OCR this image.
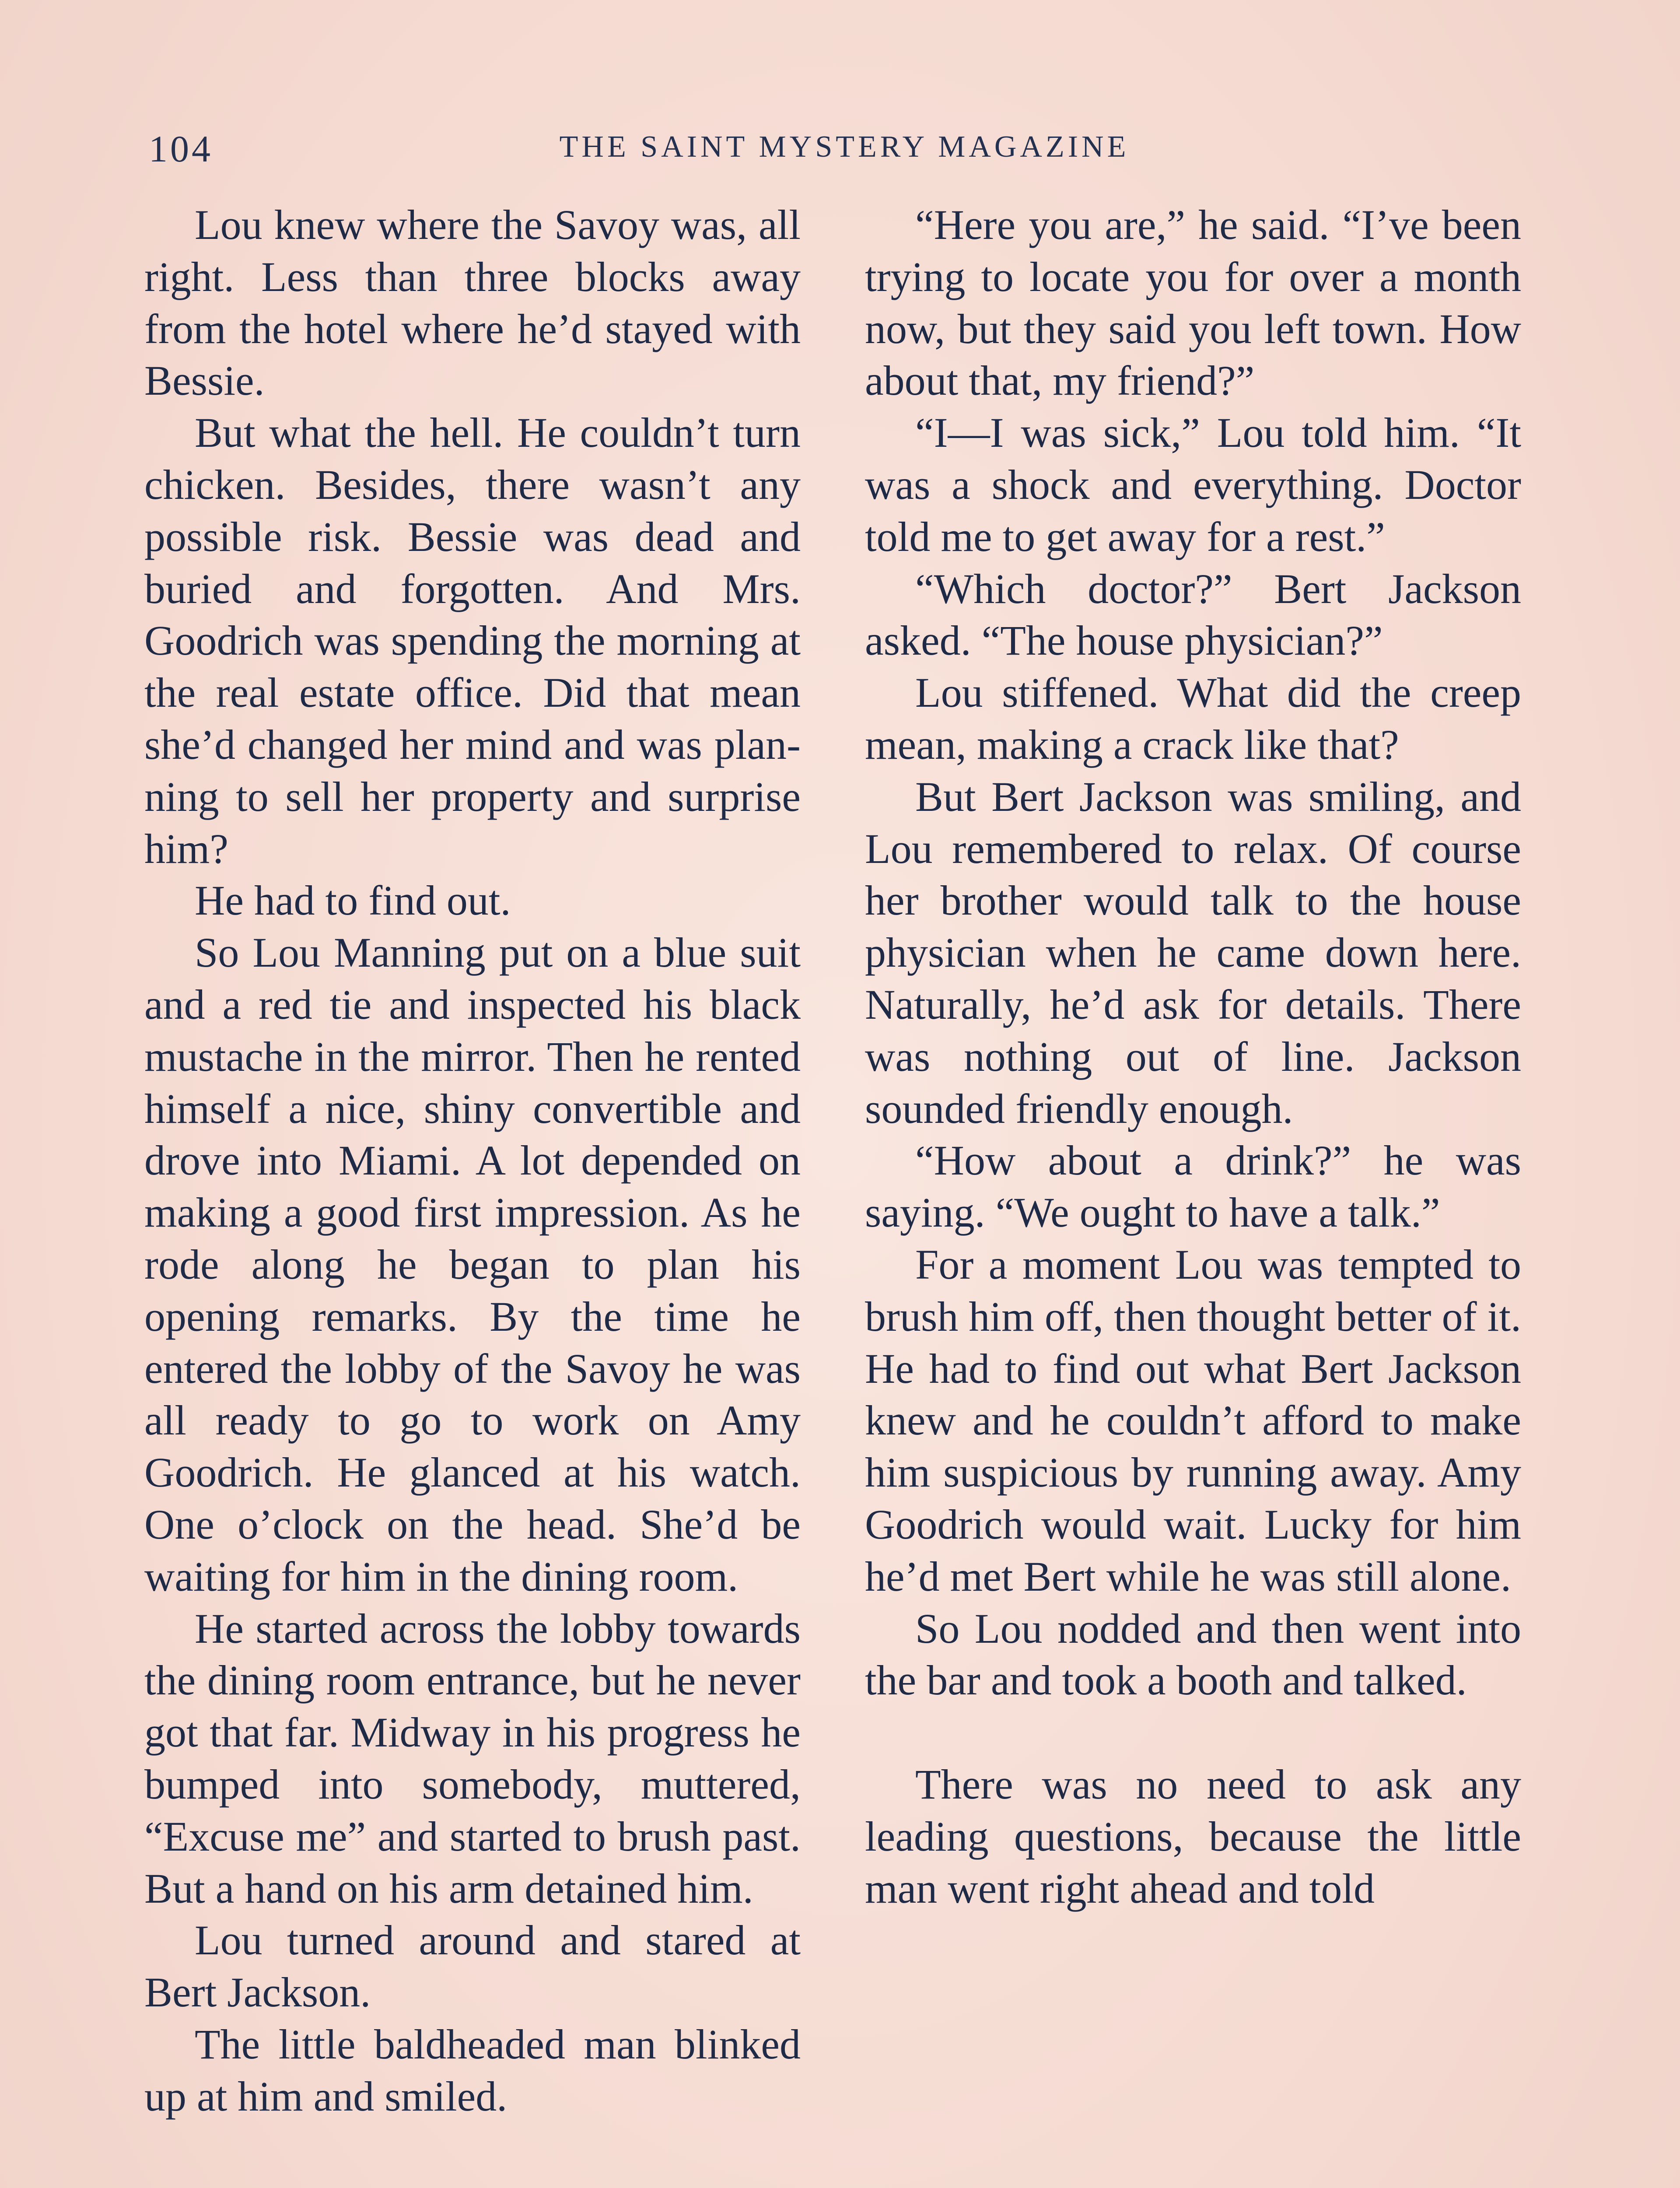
104	THE SAINT MYSTERY MAGAZINE

Lou knew where the Savoy was, all right. Less than three blocks away from the hotel where he’d stayed with Bessie.

But what the hell. He couldn’t turn chicken. Besides, there wasn’t any possible risk. Bessie was dead and buried and forgotten. And Mrs. Goodrich was spending the morning at the real estate office. Did that mean she’d changed her mind and was planning to sell her property and surprise him?

He had to find out.

So Lou Manning put on a blue suit and a red tie and inspected his black mustache in the mirror. Then he rented himself a nice, shiny convertible and drove into Miami. A lot depended on making a good first impression. As he rode along he began to plan his opening remarks. By the time he entered the lobby of the Savoy he was all ready to go to work on Amy Goodrich. He glanced at his watch. One o’clock on the head. She’d be waiting for him in the dining room.

He started across the lobby towards the dining room entrance, but he never got that far. Midway in his progress he bumped into somebody, muttered, “Excuse me” and started to brush past. But a hand on his arm detained him.

Lou turned around and stared at Bert Jackson.

The little baldheaded man blinked up at him and smiled.

“Here you are,” he said. “I’ve been trying to locate you for over a month now, but they said you left town. How about that, my friend?”

“I—I was sick,” Lou told him. “It was a shock and everything. Doctor told me to get away for a rest.”

“Which doctor?” Bert Jackson asked. “The house physician?”

Lou stiffened. What did the creep mean, making a crack like that?

But Bert Jackson was smiling, and Lou remembered to relax. Of course her brother would talk to the house physician when he came down here. Naturally, he’d ask for details. There was nothing out of line. Jackson sounded friendly enough.

“How about a drink?” he was saying. “We ought to have a talk.”

For a moment Lou was tempted to brush him off, then thought better of it. He had to find out what Bert Jackson knew and he couldn’t afford to make him suspicious by running away. Amy Goodrich would wait. Lucky for him he’d met Bert while he was still alone.

So Lou nodded and then went into the bar and took a booth and talked.

There was no need to ask any leading questions, because the little man went right ahead and told
